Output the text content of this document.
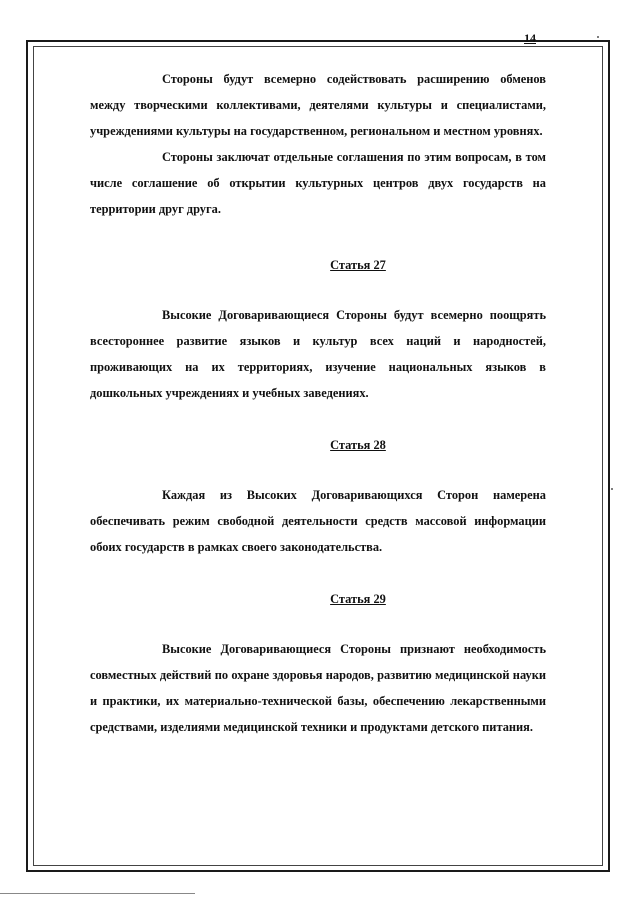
14

Стороны будут всемерно содействовать расширению обменов между творческими коллективами, деятелями культуры и специалистами, учреждениями культуры на государственном, региональном и местном уровнях.

Стороны заключат отдельные соглашения по этим вопросам, в том числе соглашение об открытии культурных центров двух государств на территории друг друга.

Статья 27

Высокие Договаривающиеся Стороны будут всемерно поощрять всестороннее развитие языков и культур всех наций и народностей, проживающих на их территориях, изучение национальных языков в дошкольных учреждениях и учебных заведениях.

Статья 28

Каждая из Высоких Договаривающихся Сторон намерена обеспечивать режим свободной деятельности средств массовой информации обоих государств в рамках своего законодательства.

Статья 29

Высокие Договаривающиеся Стороны признают необходимость совместных действий по охране здоровья народов, развитию медицинской науки и практики, их материально-технической базы, обеспечению лекарственными средствами, изделиями медицинской техники и продуктами детского питания.
